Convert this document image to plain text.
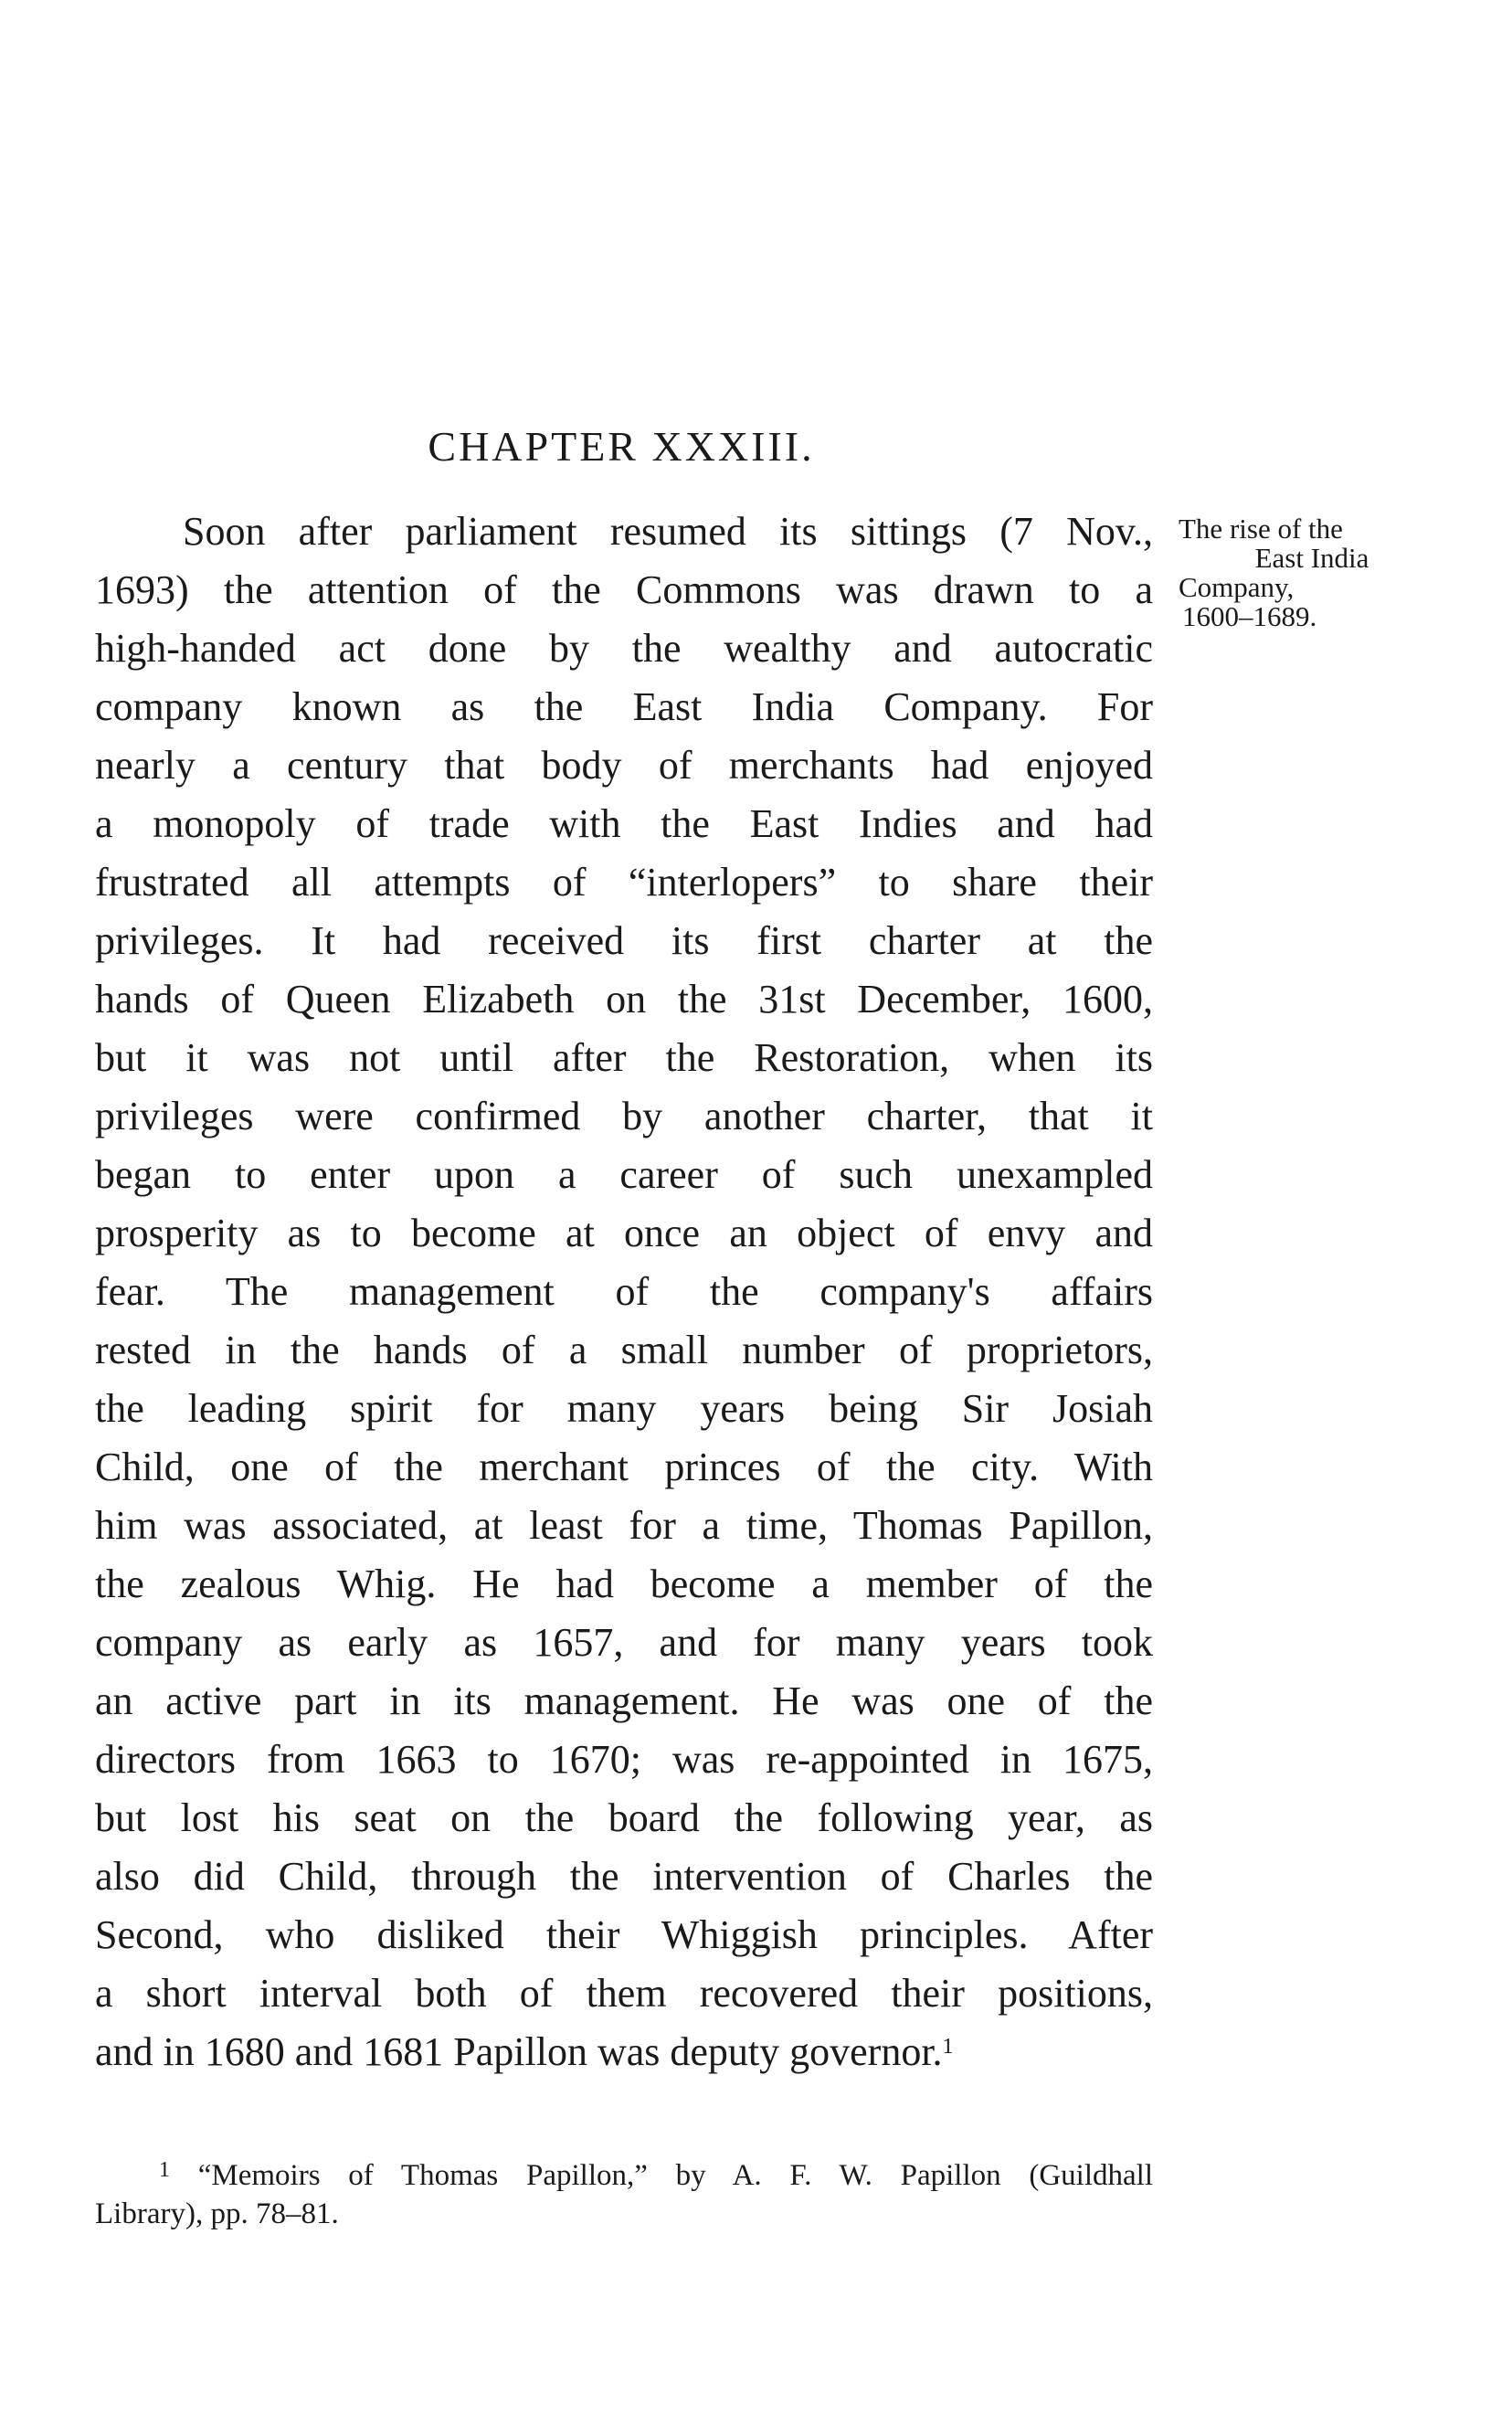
CHAPTER XXXIII.
The rise of the
East India
Company,
1600–1689.
Soon after parliament resumed its sittings (7 Nov.,
1693) the attention of the Commons was drawn to a
high-handed act done by the wealthy and autocratic
company known as the East India Company. For
nearly a century that body of merchants had enjoyed
a monopoly of trade with the East Indies and had
frustrated all attempts of “interlopers” to share their
privileges. It had received its first charter at the
hands of Queen Elizabeth on the 31st December, 1600,
but it was not until after the Restoration, when its
privileges were confirmed by another charter, that it
began to enter upon a career of such unexampled
prosperity as to become at once an object of envy and
fear. The management of the company's affairs
rested in the hands of a small number of proprietors,
the leading spirit for many years being Sir Josiah
Child, one of the merchant princes of the city. With
him was associated, at least for a time, Thomas Papillon,
the zealous Whig. He had become a member of the
company as early as 1657, and for many years took
an active part in its management. He was one of the
directors from 1663 to 1670; was re-appointed in 1675,
but lost his seat on the board the following year, as
also did Child, through the intervention of Charles the
Second, who disliked their Whiggish principles. After
a short interval both of them recovered their positions,
and in 1680 and 1681 Papillon was deputy governor.$^1$
$^1$ “Memoirs of Thomas Papillon,” by A. F. W. Papillon (Guildhall
Library), pp. 78–81.
